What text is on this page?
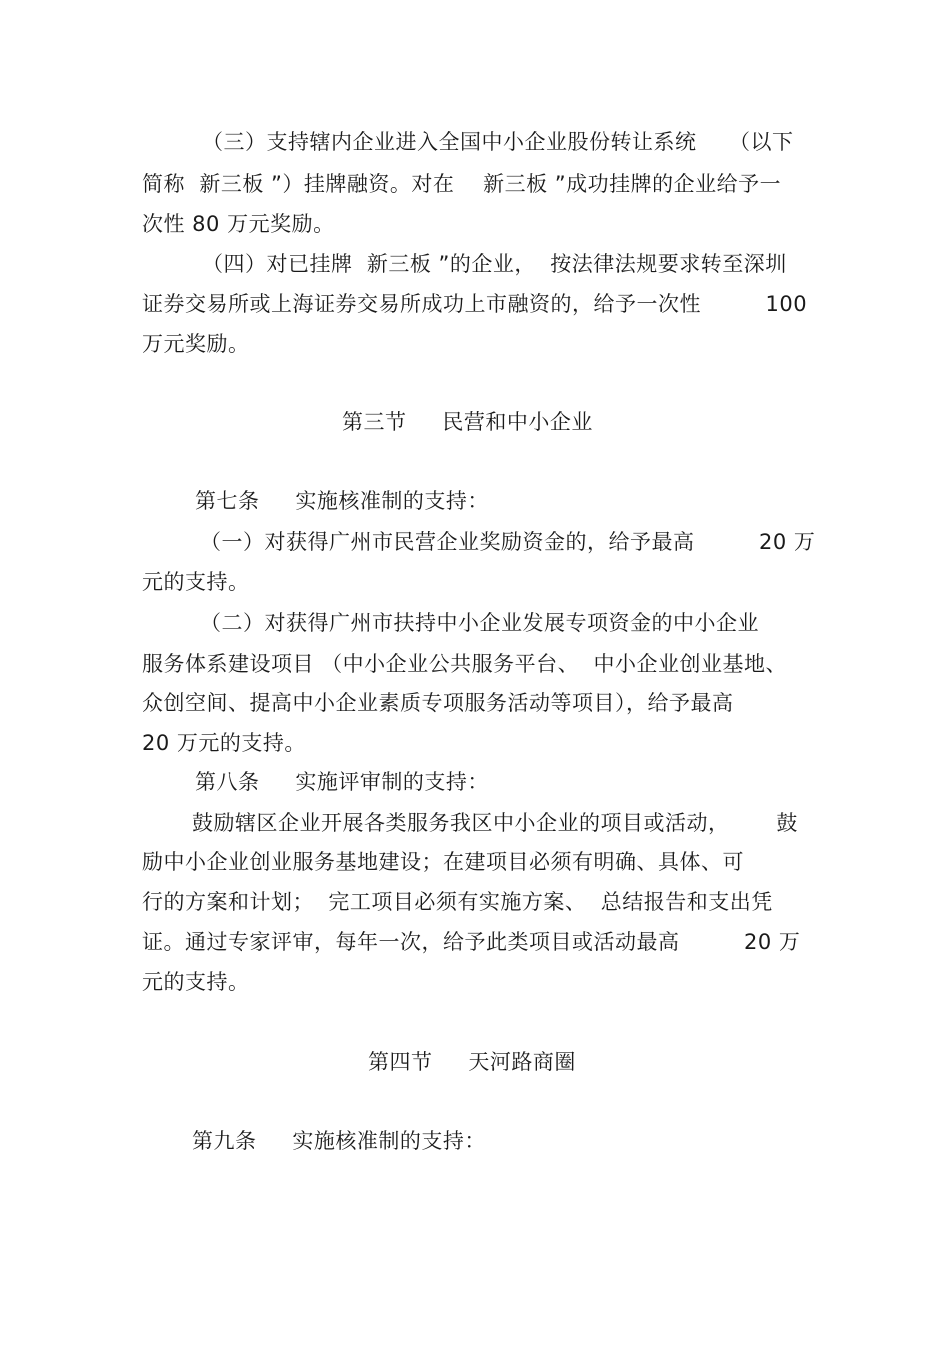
（三）支持辖内企业进入全国中小企业股份转让系统　　（以下
简称  新三板 ”）挂牌融资。对在　 新三板 ”成功挂牌的企业给予一
次性 80 万元奖励。
（四）对已挂牌  新三板 ”的企业，  按法律法规要求转至深圳
证券交易所或上海证券交易所成功上市融资的，给予一次性　　　100
万元奖励。
第三节　  民营和中小企业
第七条　  实施核准制的支持：
（一）对获得广州市民营企业奖励资金的，给予最高　　　20 万
元的支持。
（二）对获得广州市扶持中小企业发展专项资金的中小企业
服务体系建设项目 （中小企业公共服务平台、  中小企业创业基地、
众创空间、提高中小企业素质专项服务活动等项目），给予最高
20 万元的支持。
第八条　  实施评审制的支持：
鼓励辖区企业开展各类服务我区中小企业的项目或活动，　　  鼓
励中小企业创业服务基地建设；在建项目必须有明确、具体、可
行的方案和计划；  完工项目必须有实施方案、  总结报告和支出凭
证。通过专家评审，每年一次，给予此类项目或活动最高　　　20 万
元的支持。
第四节　  天河路商圈
第九条　  实施核准制的支持：
